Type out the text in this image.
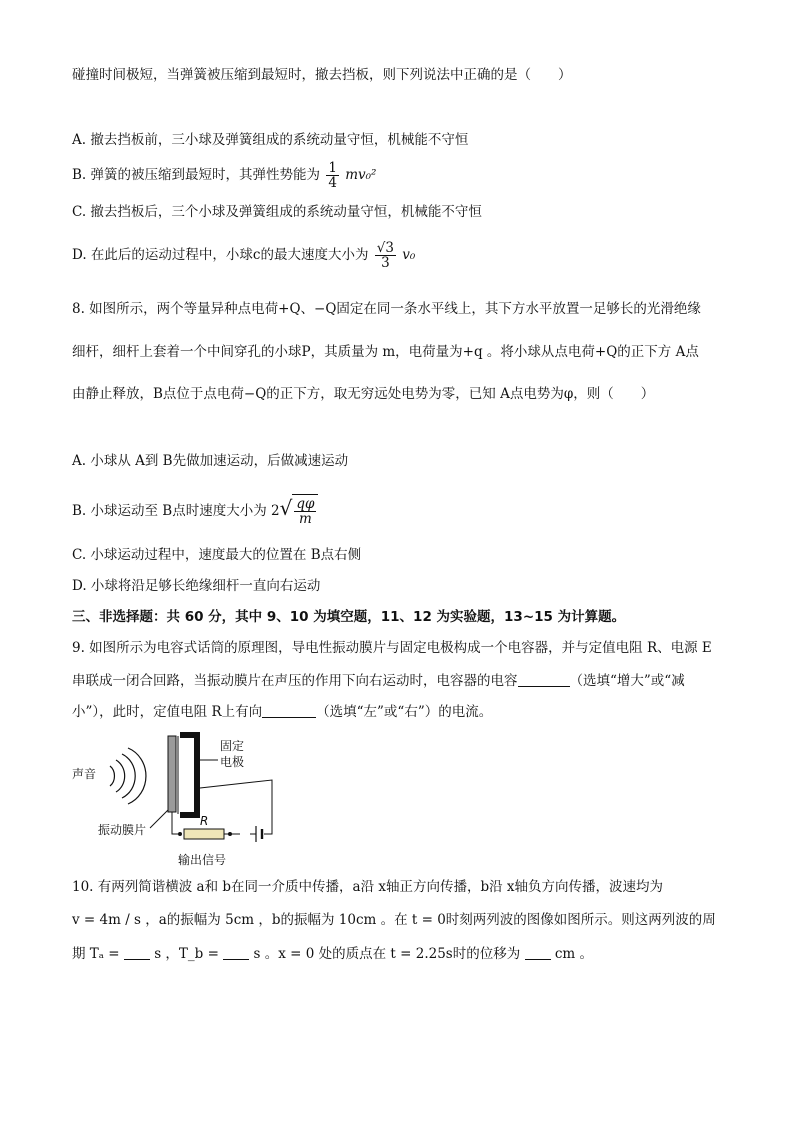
碰撞时间极短，当弹簧被压缩到最短时，撤去挡板，则下列说法中正确的是（　　）
A. 撤去挡板前，三小球及弹簧组成的系统动量守恒，机械能不守恒
B. 弹簧的被压缩到最短时，其弹性势能为 $\frac{1}{4} mv_0^2$
C. 撤去挡板后，三个小球及弹簧组成的系统动量守恒，机械能不守恒
D. 在此后的运动过程中，小球c的最大速度大小为 $\frac{√3}{3} v_0$
8. 如图所示，两个等量异种点电荷+Q、−Q固定在同一条水平线上，其下方水平放置一足够长的光滑绝缘
细杆，细杆上套着一个中间穿孔的小球P，其质量为 m，电荷量为+q 。将小球从点电荷+Q的正下方 A点
由静止释放，B点位于点电荷−Q的正下方，取无穷远处电势为零，已知 A点电势为φ，则（　　）
A. 小球从 A到 B先做加速运动，后做减速运动
B. 小球运动至 B点时速度大小为 $2√ \frac{q\varphi}{m}$
C. 小球运动过程中，速度最大的位置在 B点右侧
D. 小球将沿足够长绝缘细杆一直向右运动
三、非选择题：共 60 分，其中 9、10 为填空题，11、12 为实验题，13~15 为计算题。
9. 如图所示为电容式话筒的原理图，导电性振动膜片与固定电极构成一个电容器，并与定值电阻 R、电源 E
串联成一闭合回路，当振动膜片在声压的作用下向右运动时，电容器的电容	（选填“增大”或“减
小”），此时，定值电阻 R上有向	（选填“左”或“右”）的电流。
声音
固定
电极
R
振动膜片
输出信号
10. 有两列简谐横波 a和 b在同一介质中传播，a沿 x轴正方向传播，b沿 x轴负方向传播，波速均为
v = 4m / s ，a的振幅为 5cm ，b的振幅为 10cm 。在 t = 0时刻两列波的图像如图所示。则这两列波的周
期 Tₐ =	s ，T_b =	s 。x = 0 处的质点在 t = 2.25s时的位移为	cm 。
